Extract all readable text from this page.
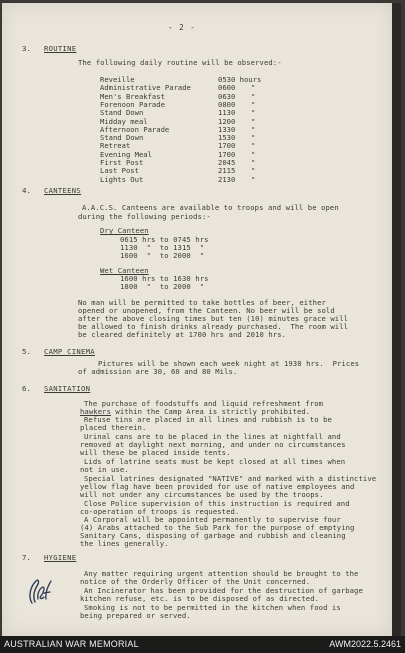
- 2 -
3. ROUTINE
The following daily routine will be observed:-
4. CANTEENS
A.A.C.S. Canteens are available to troops and will be open
during the following periods:-
Dry Canteen
0615 hrs to 0745 hrs
1130  "  to 1315  "
1600  "  to 2000  "
Wet Canteen
1600 hrs to 1630 hrs
1800  "  to 2000  "
No man will be permitted to take bottles of beer, either
opened or unopened, from the Canteen. No beer will be sold
after the above closing times but ten (10) minutes grace will
be allowed to finish drinks already purchased.  The room will
be cleared definitely at 1700 hrs and 2010 hrs.
5. CAMP CINEMA
Pictures will be shown each week night at 1930 hrs.  Prices
of admission are 30, 60 and 80 Mils.
6. SANITATION
The purchase of foodstuffs and liquid refreshment from
hawkers within the Camp Area is strictly prohibited.
Refuse tins are placed in all lines and rubbish is to be
placed therein.
Urinal cans are to be placed in the lines at nightfall and
removed at daylight next morning, and under no circumstances
will these be placed inside tents.
Lids of latrine seats must be kept closed at all times when
not in use.
Special latrines designated "NATIVE" and marked with a distinctive
yellow flag have been provided for use of native employees and
will not under any circumstances be used by the troops.
Close Police supervision of this instruction is required and
co-operation of troops is requested.
A Corporal will be appointed permanently to supervise four
(4) Arabs attached to the Sub Park for the purpose of emptying
Sanitary Cans, disposing of garbage and rubbish and cleaning
the lines generally.
7. HYGIENE
Any matter requiring urgent attention should be brought to the
notice of the Orderly Officer of the Unit concerned.
An Incinerator has been provided for the destruction of garbage
kitchen refuse, etc. is to be disposed of as directed.
Smoking is not to be permitted in the kitchen when food is
being prepared or served.
Reveille	0530 hours
Administrative Parade	0600 "
Men's Breakfast	0630 "
Forenoon Parade	0800 "
Stand Down	1130 "
Midday meal	1200 "
Afternoon Parade	1330 "
Stand Down	1530 "
Retreat	1700 "
Evening Meal	1700 "
First Post	2045 "
Last Post	2115 "
Lights Out	2130 "
AUSTRALIAN WAR MEMORIAL	AWM2022.5.2461
